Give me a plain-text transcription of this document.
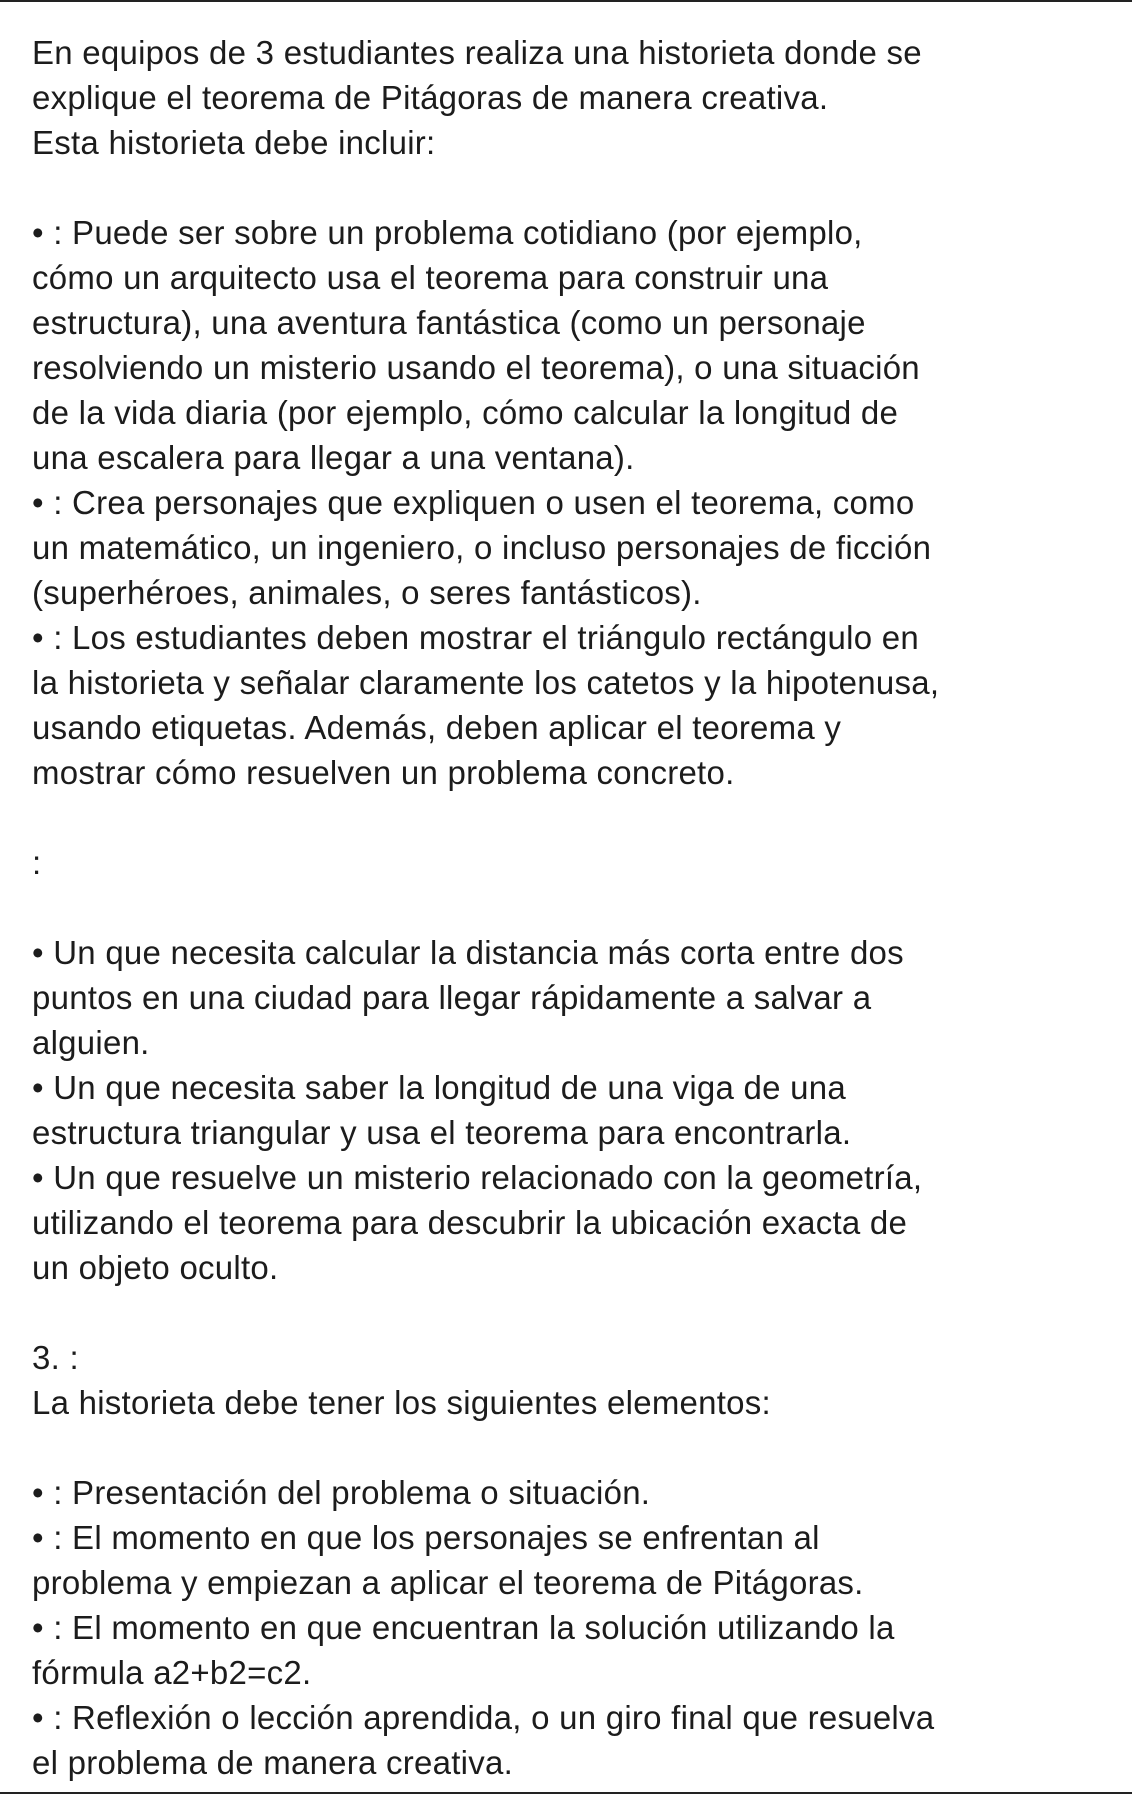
En equipos de 3 estudiantes realiza una historieta donde se
explique el teorema de Pitágoras de manera creativa.
Esta historieta debe incluir:
• : Puede ser sobre un problema cotidiano (por ejemplo,
cómo un arquitecto usa el teorema para construir una
estructura), una aventura fantástica (como un personaje
resolviendo un misterio usando el teorema), o una situación
de la vida diaria (por ejemplo, cómo calcular la longitud de
una escalera para llegar a una ventana).
• : Crea personajes que expliquen o usen el teorema, como
un matemático, un ingeniero, o incluso personajes de ficción
(superhéroes, animales, o seres fantásticos).
• : Los estudiantes deben mostrar el triángulo rectángulo en
la historieta y señalar claramente los catetos y la hipotenusa,
usando etiquetas. Además, deben aplicar el teorema y
mostrar cómo resuelven un problema concreto.
:
• Un que necesita calcular la distancia más corta entre dos
puntos en una ciudad para llegar rápidamente a salvar a
alguien.
• Un que necesita saber la longitud de una viga de una
estructura triangular y usa el teorema para encontrarla.
• Un que resuelve un misterio relacionado con la geometría,
utilizando el teorema para descubrir la ubicación exacta de
un objeto oculto.
3. :
La historieta debe tener los siguientes elementos:
• : Presentación del problema o situación.
• : El momento en que los personajes se enfrentan al
problema y empiezan a aplicar el teorema de Pitágoras.
• : El momento en que encuentran la solución utilizando la
fórmula a2+b2=c2.
• : Reflexión o lección aprendida, o un giro final que resuelva
el problema de manera creativa.
